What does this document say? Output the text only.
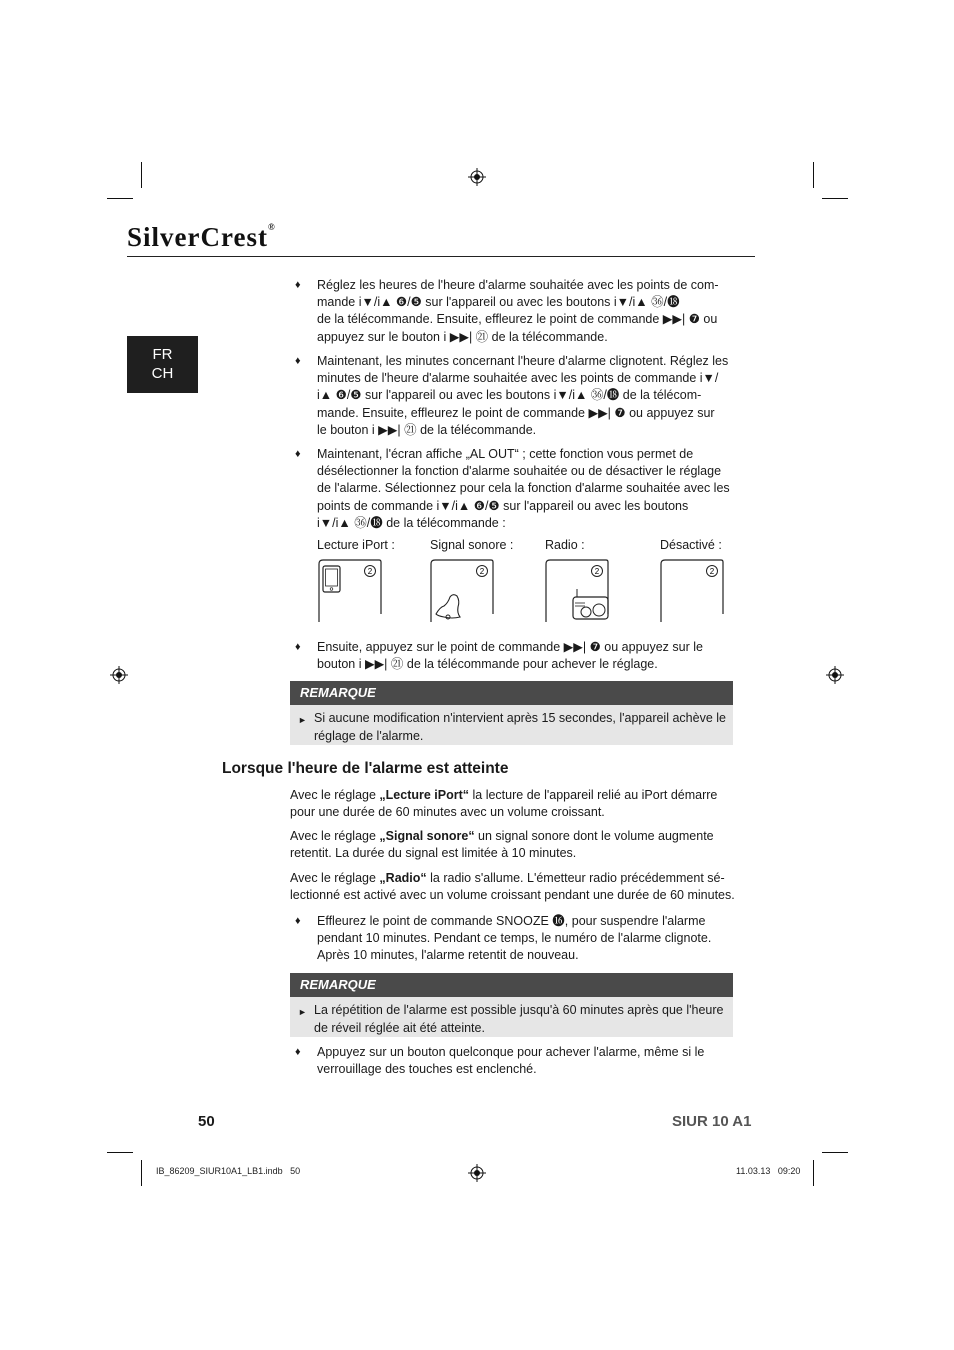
SilverCrest®
FR
CH
♦ Réglez les heures de l'heure d'alarme souhaitée avec les points de com-
mande i▼/i▲ ❻/❺ sur l'appareil ou avec les boutons i▼/i▲ ㊱/⓲
de la télécommande. Ensuite, effleurez le point de commande ▶▶| ❼ ou
appuyez sur le bouton i ▶▶| ㉑ de la télécommande.
♦ Maintenant, les minutes concernant l'heure d'alarme clignotent. Réglez les
minutes de l'heure d'alarme souhaitée avec les points de commande i▼/
i▲ ❻/❺ sur l'appareil ou avec les boutons i▼/i▲ ㊱/⓲ de la télécom-
mande. Ensuite, effleurez le point de commande ▶▶| ❼ ou appuyez sur
le bouton i ▶▶| ㉑ de la télécommande.
♦ Maintenant, l'écran affiche „AL OUT“ ; cette fonction vous permet de
désélectionner la fonction d'alarme souhaitée ou de désactiver le réglage
de l'alarme. Sélectionnez pour cela la fonction d'alarme souhaitée avec les
points de commande i▼/i▲ ❻/❺ sur l'appareil ou avec les boutons
i▼/i▲ ㊱/⓲ de la télécommande :
Lecture iPort :	Signal sonore :	Radio :	Désactivé :
2	2	2	2
♦ Ensuite, appuyez sur le point de commande ▶▶| ❼ ou appuyez sur le
bouton i ▶▶| ㉑ de la télécommande pour achever le réglage.
REMARQUE
► Si aucune modification n'intervient après 15 secondes, l'appareil achève le
réglage de l'alarme.
Lorsque l'heure de l'alarme est atteinte
Avec le réglage „Lecture iPort“ la lecture de l'appareil relié au iPort démarre
pour une durée de 60 minutes avec un volume croissant.
Avec le réglage „Signal sonore“ un signal sonore dont le volume augmente
retentit. La durée du signal est limitée à 10 minutes.
Avec le réglage „Radio“ la radio s'allume. L'émetteur radio précédemment sé-
lectionné est activé avec un volume croissant pendant une durée de 60 minutes.
♦ Effleurez le point de commande SNOOZE ⓰, pour suspendre l'alarme
pendant 10 minutes. Pendant ce temps, le numéro de l'alarme clignote.
Après 10 minutes, l'alarme retentit de nouveau.
REMARQUE
► La répétition de l'alarme est possible jusqu'à 60 minutes après que l'heure
de réveil réglée ait été atteinte.
♦ Appuyez sur un bouton quelconque pour achever l'alarme, même si le
verrouillage des touches est enclenché.
50	SIUR 10 A1
IB_86209_SIUR10A1_LB1.indb   50	11.03.13   09:20
